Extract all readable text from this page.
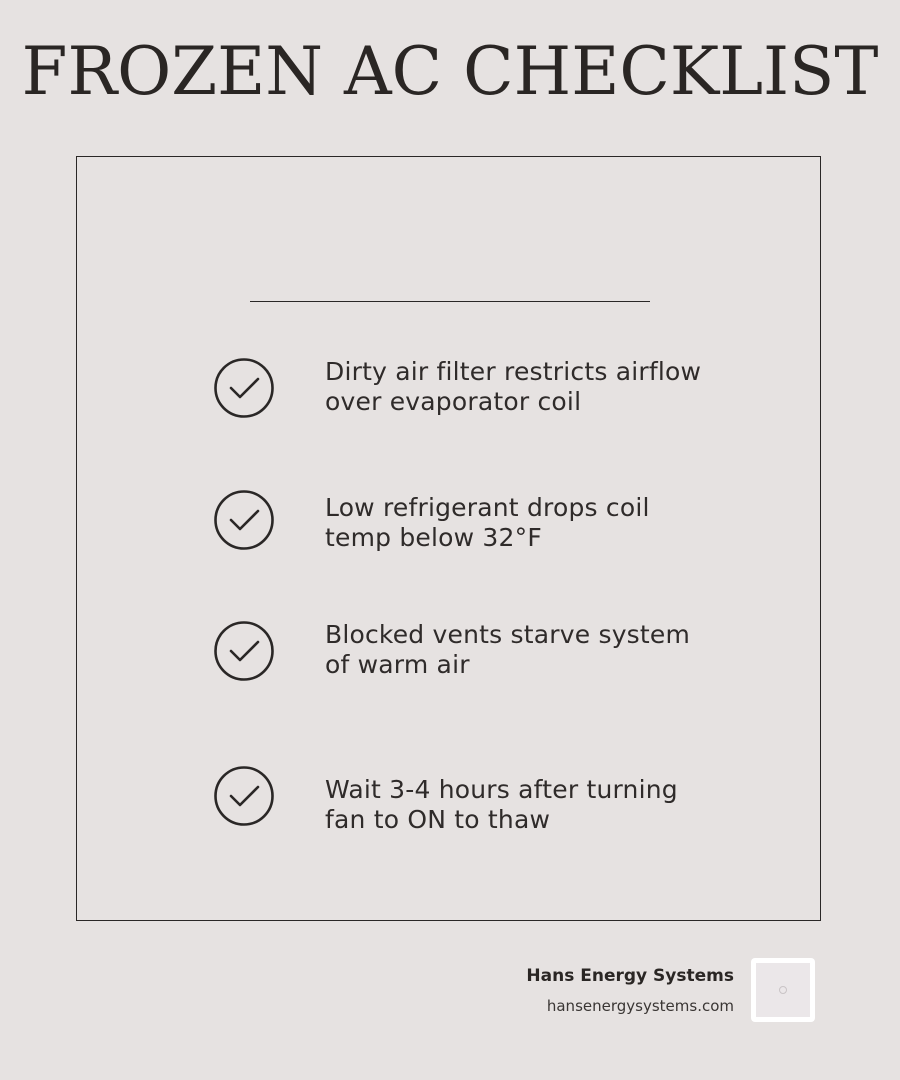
FROZEN AC CHECKLIST
Dirty air filter restricts airflow
over evaporator coil
Low refrigerant drops coil
temp below 32°F
Blocked vents starve system
of warm air
Wait 3-4 hours after turning
fan to ON to thaw
Hans Energy Systems
hansenergysystems.com
